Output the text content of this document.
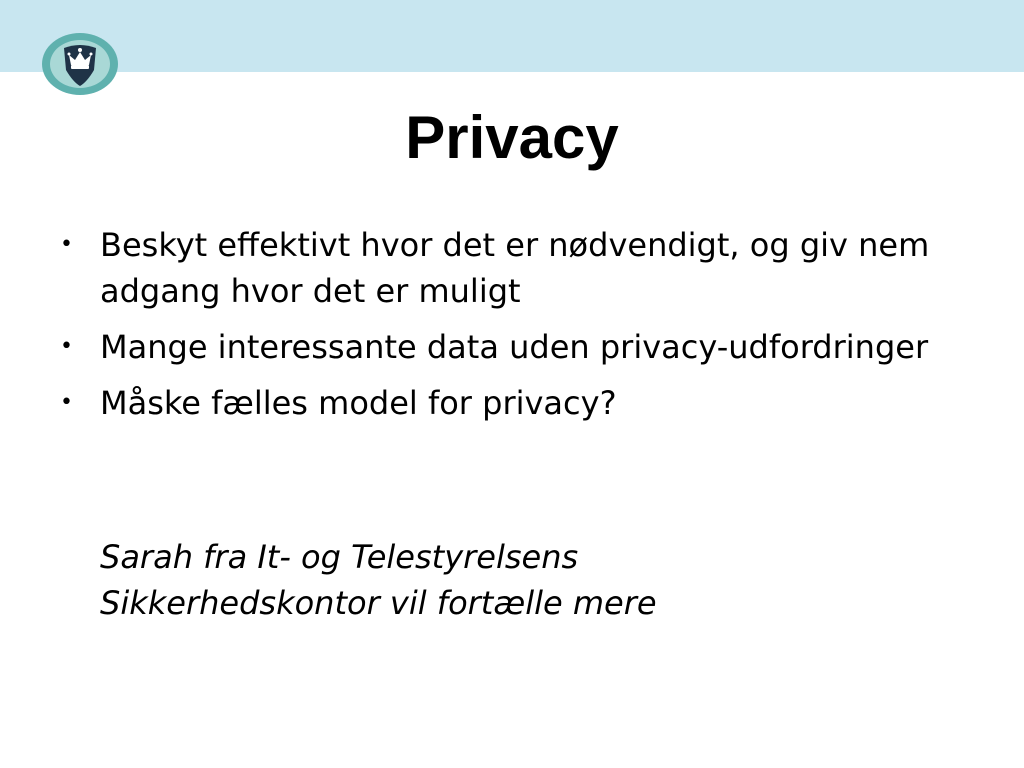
Privacy
• Beskyt effektivt hvor det er nødvendigt, og giv nem adgang hvor det er muligt
• Mange interessante data uden privacy-udfordringer
• Måske fælles model for privacy?

Sarah fra It- og Telestyrelsens
Sikkerhedskontor vil fortælle mere
